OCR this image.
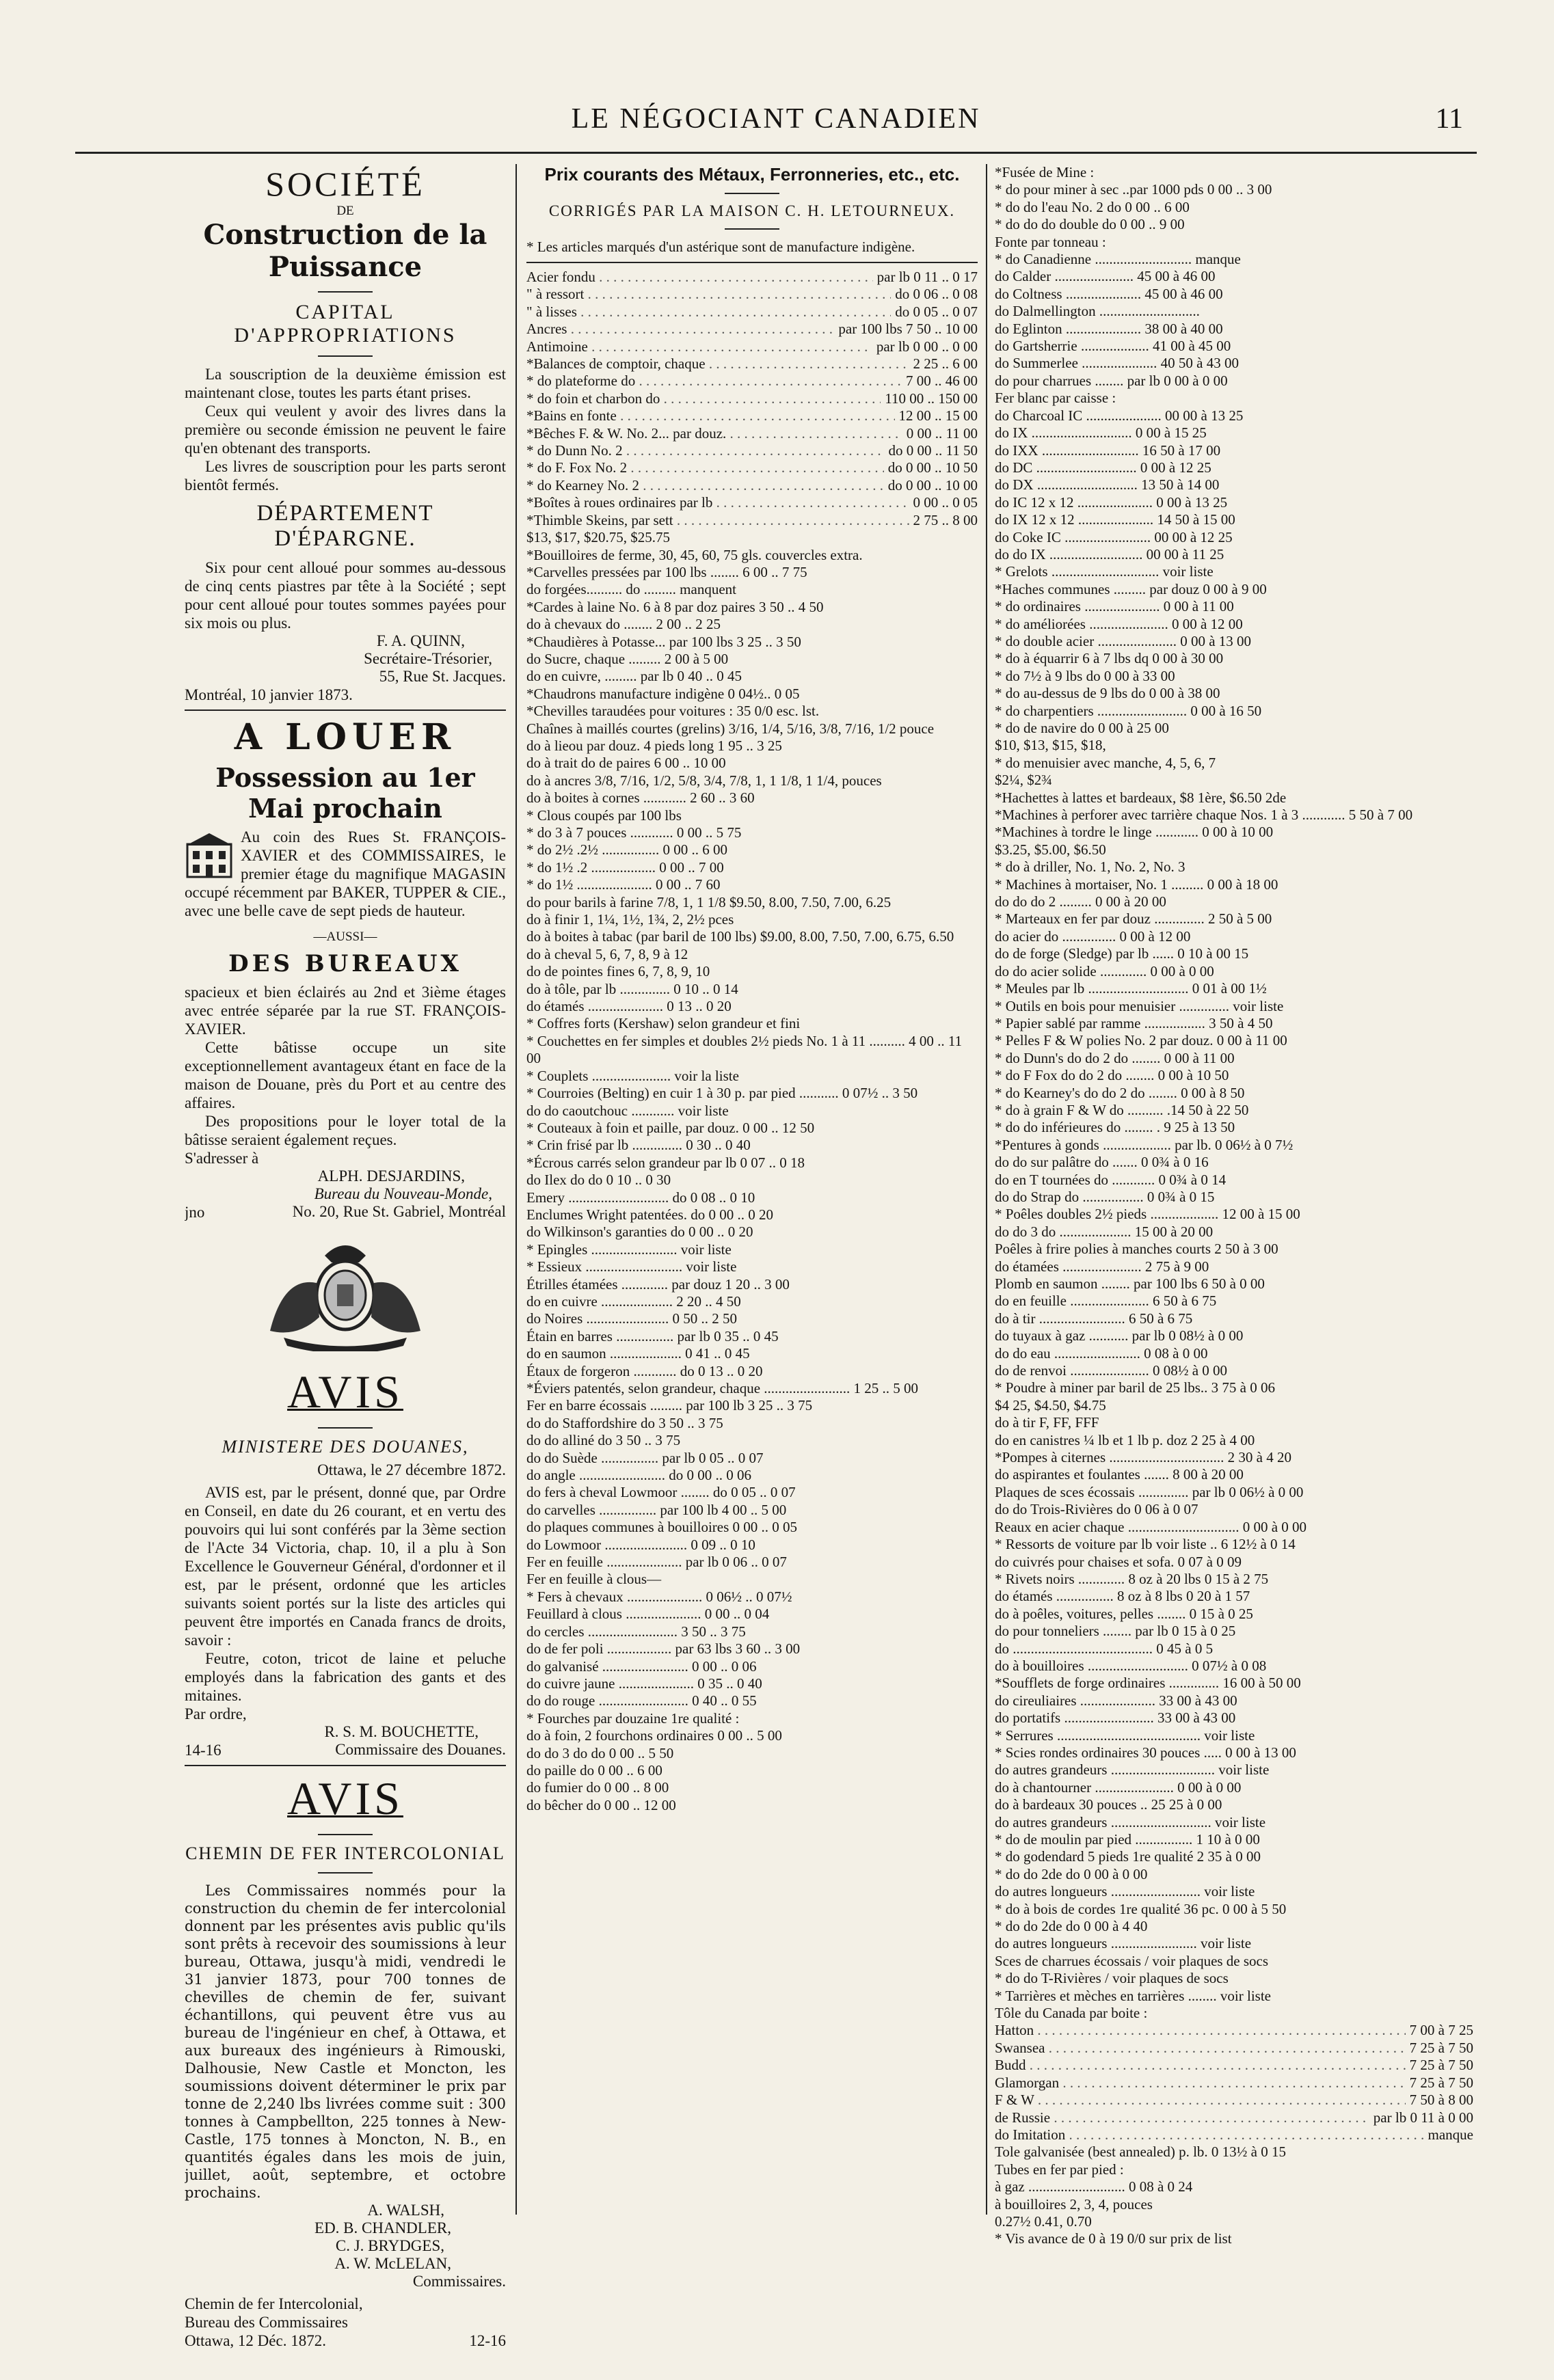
LE NÉGOCIANT CANADIEN	11
SOCIÉTÉ
DE
Construction de la Puissance
CAPITAL D'APPROPRIATIONS

La souscription de la deuxième émission est maintenant close, toutes les parts étant prises.

Ceux qui veulent y avoir des livres dans la première ou seconde émission ne peuvent le faire qu'en obtenant des transports.

Les livres de souscription pour les parts seront bientôt fermés.

DÉPARTEMENT D'ÉPARGNE.

Six pour cent alloué pour sommes au-dessous de cinq cents piastres par tête à la Société ; sept pour cent alloué pour toutes sommes payées pour six mois ou plus.

F. A. QUINN,
Secrétaire-Trésorier,
55, Rue St. Jacques.
Montréal, 10 janvier 1873.
A LOUER
Possession au 1er Mai prochain

Au coin des Rues St. FRANÇOIS-XAVIER et des COMMISSAIRES, le premier étage du magnifique MAGASIN occupé récemment par BAKER, TUPPER & CIE., avec une belle cave de sept pieds de hauteur.

—AUSSI—
DES BUREAUX

spacieux et bien éclairés au 2nd et 3ième étages avec entrée séparée par la rue ST. FRANÇOIS-XAVIER.

Cette bâtisse occupe un site exceptionnellement avantageux étant en face de la maison de Douane, près du Port et au centre des affaires.

Des propositions pour le loyer total de la bâtisse seraient également reçues.

S'adresser à
ALPH. DESJARDINS,
Bureau du Nouveau-Monde,
jno	No. 20, Rue St. Gabriel, Montréal
AVIS
MINISTERE DES DOUANES,
Ottawa, le 27 décembre 1872.

AVIS est, par le présent, donné que, par Ordre en Conseil, en date du 26 courant, et en vertu des pouvoirs qui lui sont conférés par la 3ème section de l'Acte 34 Victoria, chap. 10, il a plu à Son Excellence le Gouverneur Général, d'ordonner et il est, par le présent, ordonné que les articles suivants soient portés sur la liste des articles qui peuvent être importés en Canada francs de droits, savoir :

Feutre, coton, tricot de laine et peluche employés dans la fabrication des gants et des mitaines.

Par ordre,
R. S. M. BOUCHETTE,
14-16	Commissaire des Douanes.
AVIS
CHEMIN DE FER INTERCOLONIAL

Les Commissaires nommés pour la construction du chemin de fer intercolonial donnent par les présentes avis public qu'ils sont prêts à recevoir des soumissions à leur bureau, Ottawa, jusqu'à midi, vendredi le 31 janvier 1873, pour 700 tonnes de chevilles de chemin de fer, suivant échantillons, qui peuvent être vus au bureau de l'ingénieur en chef, à Ottawa, et aux bureaux des ingénieurs à Rimouski, Dalhousie, New Castle et Moncton, les soumissions doivent déterminer le prix par tonne de 2,240 lbs livrées comme suit : 300 tonnes à Campbellton, 225 tonnes à New-Castle, 175 tonnes à Moncton, N. B., en quantités égales dans les mois de juin, juillet, août, septembre, et octobre prochains.

A. WALSH,
ED. B. CHANDLER,
C. J. BRYDGES,
A. W. McLELAN,
Commissaires.
Chemin de fer Intercolonial,
Bureau des Commissaires
Ottawa, 12 Déc. 1872.	12-16
Prix courants des Métaux, Ferronneries, etc., etc.
CORRIGÉS PAR LA MAISON C. H. LETOURNEUX.
* Les articles marqués d'un astérique sont de manufacture indigène.
Acier fondu . . .	par lb 0 11 .. 0 17
" à ressort . . .	do 0 06 .. 0 08
" à lisses . . .	do 0 05 .. 0 07
Ancres . . .	par 100 lbs 7 50 .. 10 00
Antimoine . . .	par lb 0 00 .. 0 00
*Balances de comptoir, chaque . . .	2 25 .. 6 00
* do plateforme do . . .	7 00 .. 46 00
* do foin et charbon do . . .	110 00 .. 150 00
*Bains en fonte . . .	12 00 .. 15 00
*Bêches F. & W. No. 2... par douz. . . .	0 00 .. 11 00
* do Dunn No. 2 . . .	do 0 00 .. 11 50
* do F. Fox No. 2 . . .	do 0 00 .. 10 50
* do Kearney No. 2 . . .	do 0 00 .. 10 00
*Boîtes à roues ordinaires par lb . . .	0 00 .. 0 05
*Thimble Skeins, par sett . . .	2 75 .. 8 00
$13, $17, $20.75, $25.75
*Bouilloires de ferme, 30, 45, 60, 75 gls. couvercles extra.
*Carvelles pressées par 100 lbs ........ 6 00 .. 7 75
do forgées.......... do ......... manquent
*Cardes à laine No. 6 à 8 par doz paires 3 50 .. 4 50
do à chevaux do ........ 2 00 .. 2 25
*Chaudières à Potasse... par 100 lbs 3 25 .. 3 50
do Sucre, chaque ......... 2 00 à 5 00
do en cuivre, ......... par lb 0 40 .. 0 45
*Chaudrons manufacture indigène 0 04½.. 0 05
*Chevilles taraudées pour voitures : 35 0/0 esc. lst.
Chaînes à maillés courtes (grelins) 3/16, 1/4, 5/16, 3/8, 7/16, 1/2 pouce
do à lieou par douz. 4 pieds long 1 95 .. 3 25
do à trait do de paires 6 00 .. 10 00
do à ancres 3/8, 7/16, 1/2, 5/8, 3/4, 7/8, 1, 1 1/8, 1 1/4, pouces
do à boites à cornes ............ 2 60 .. 3 60
* Clous coupés par 100 lbs
* do 3 à 7 pouces ............ 0 00 .. 5 75
* do 2½ .2½ ................ 0 00 .. 6 00
* do 1½ .2 .................. 0 00 .. 7 00
* do 1½ ..................... 0 00 .. 7 60
do pour barils à farine 7/8, 1, 1 1/8 $9.50, 8.00, 7.50, 7.00, 6.25
do à finir 1, 1¼, 1½, 1¾, 2, 2½ pces
do à boites à tabac (par baril de 100 lbs) $9.00, 8.00, 7.50, 7.00, 6.75, 6.50
do à cheval 5, 6, 7, 8, 9 à 12
do de pointes fines 6, 7, 8, 9, 10
do à tôle, par lb .............. 0 10 .. 0 14
do étamés ..................... 0 13 .. 0 20
* Coffres forts (Kershaw) selon grandeur et fini
* Couchettes en fer simples et doubles 2½ pieds No. 1 à 11 .......... 4 00 .. 11 00
* Couplets ...................... voir la liste
* Courroies (Belting) en cuir 1 à 30 p. par pied ........... 0 07½ .. 3 50
do do caoutchouc ............ voir liste
* Couteaux à foin et paille, par douz. 0 00 .. 12 50
* Crin frisé par lb .............. 0 30 .. 0 40
*Écrous carrés selon grandeur par lb 0 07 .. 0 18
do Ilex do do 0 10 .. 0 30
Emery ............................ do 0 08 .. 0 10
Enclumes Wright patentées. do 0 00 .. 0 20
do Wilkinson's garanties do 0 00 .. 0 20
* Epingles ........................ voir liste
* Essieux ........................... voir liste
Étrilles étamées ............. par douz 1 20 .. 3 00
do en cuivre .................... 2 20 .. 4 50
do Noires ....................... 0 50 .. 2 50
Étain en barres ................ par lb 0 35 .. 0 45
do en saumon .................... 0 41 .. 0 45
Étaux de forgeron ............ do 0 13 .. 0 20
*Éviers patentés, selon grandeur, chaque ........................ 1 25 .. 5 00
Fer en barre écossais ......... par 100 lb 3 25 .. 3 75
do do Staffordshire do 3 50 .. 3 75
do do alliné do 3 50 .. 3 75
do do Suède ................ par lb 0 05 .. 0 07
do angle ........................ do 0 00 .. 0 06
do fers à cheval Lowmoor ........ do 0 05 .. 0 07
do carvelles ................ par 100 lb 4 00 .. 5 00
do plaques communes à bouilloires 0 00 .. 0 05
do Lowmoor ....................... 0 09 .. 0 10
Fer en feuille ..................... par lb 0 06 .. 0 07
Fer en feuille à clous—
* Fers à chevaux ..................... 0 06½ .. 0 07½
Feuillard à clous ..................... 0 00 .. 0 04
do cercles ......................... 3 50 .. 3 75
do de fer poli .................. par 63 lbs 3 60 .. 3 00
do galvanisé ........................ 0 00 .. 0 06
do cuivre jaune ..................... 0 35 .. 0 40
do do rouge ......................... 0 40 .. 0 55
* Fourches par douzaine 1re qualité :
do à foin, 2 fourchons ordinaires 0 00 .. 5 00
do do 3 do do 0 00 .. 5 50
do paille do 0 00 .. 6 00
do fumier do 0 00 .. 8 00
do bêcher do 0 00 .. 12 00
*Fusée de Mine :
* do pour miner à sec ..par 1000 pds 0 00 .. 3 00
* do do l'eau No. 2 do 0 00 .. 6 00
* do do do double do 0 00 .. 9 00
Fonte par tonneau :
* do Canadienne ........................... manque
do Calder ...................... 45 00 à 46 00
do Coltness ..................... 45 00 à 46 00
do Dalmellington ............................
do Eglinton ..................... 38 00 à 40 00
do Gartsherrie ................... 41 00 à 45 00
do Summerlee ..................... 40 50 à 43 00
do pour charrues ........ par lb 0 00 à 0 00
Fer blanc par caisse :
do Charcoal IC ..................... 00 00 à 13 25
do IX ............................ 0 00 à 15 25
do IXX ........................... 16 50 à 17 00
do DC ............................ 0 00 à 12 25
do DX ............................ 13 50 à 14 00
do IC 12 x 12 ..................... 0 00 à 13 25
do IX 12 x 12 ..................... 14 50 à 15 00
do Coke IC ........................ 00 00 à 12 25
do do IX .......................... 00 00 à 11 25
* Grelots .............................. voir liste
*Haches communes ......... par douz 0 00 à 9 00
* do ordinaires ..................... 0 00 à 11 00
* do améliorées ...................... 0 00 à 12 00
* do double acier ...................... 0 00 à 13 00
* do à équarrir 6 à 7 lbs dq 0 00 à 30 00
* do 7½ à 9 lbs do 0 00 à 33 00
* do au-dessus de 9 lbs do 0 00 à 38 00
* do charpentiers ......................... 0 00 à 16 50
* do de navire do 0 00 à 25 00
$10, $13, $15, $18,
* do menuisier avec manche, 4, 5, 6, 7
$2¼, $2¾
*Hachettes à lattes et bardeaux, $8 1ère, $6.50 2de
*Machines à perforer avec tarrière chaque Nos. 1 à 3 ............ 5 50 à 7 00
*Machines à tordre le linge ............ 0 00 à 10 00
$3.25, $5.00, $6.50
* do à driller, No. 1, No. 2, No. 3
* Machines à mortaiser, No. 1 ......... 0 00 à 18 00
do do do 2 ......... 0 00 à 20 00
* Marteaux en fer par douz .............. 2 50 à 5 00
do acier do ............... 0 00 à 12 00
do de forge (Sledge) par lb ...... 0 10 à 00 15
do do acier solide ............. 0 00 à 0 00
* Meules par lb ............................ 0 01 à 00 1½
* Outils en bois pour menuisier .............. voir liste
* Papier sablé par ramme ................. 3 50 à 4 50
* Pelles F & W polies No. 2 par douz. 0 00 à 11 00
* do Dunn's do do 2 do ........ 0 00 à 11 00
* do F Fox do do 2 do ........ 0 00 à 10 50
* do Kearney's do do 2 do ........ 0 00 à 8 50
* do à grain F & W do .......... .14 50 à 22 50
* do do inférieures do ........ . 9 25 à 13 50
*Pentures à gonds ................... par lb. 0 06½ à 0 7½
do do sur palâtre do ....... 0 0¾ à 0 16
do en T tournées do ............ 0 0¾ à 0 14
do do Strap do ................. 0 0¾ à 0 15
* Poêles doubles 2½ pieds ................... 12 00 à 15 00
do do 3 do .................... 15 00 à 20 00
Poêles à frire polies à manches courts 2 50 à 3 00
do étamées ...................... 2 75 à 9 00
Plomb en saumon ........ par 100 lbs 6 50 à 0 00
do en feuille ...................... 6 50 à 6 75
do à tir ........................ 6 50 à 6 75
do tuyaux à gaz ........... par lb 0 08½ à 0 00
do do eau ........................ 0 08 à 0 00
do de renvoi ...................... 0 08½ à 0 00
* Poudre à miner par baril de 25 lbs.. 3 75 à 0 06
$4 25, $4.50, $4.75
do à tir F, FF, FFF
do en canistres ¼ lb et 1 lb p. doz 2 25 à 4 00
*Pompes à citernes ................................ 2 30 à 4 20
do aspirantes et foulantes ....... 8 00 à 20 00
Plaques de sces écossais .............. par lb 0 06½ à 0 00
do do Trois-Rivières do 0 06 à 0 07
Reaux en acier chaque ............................... 0 00 à 0 00
* Ressorts de voiture par lb voir liste .. 6 12½ à 0 14
do cuivrés pour chaises et sofa. 0 07 à 0 09
* Rivets noirs ............. 8 oz à 20 lbs 0 15 à 2 75
do étamés ................ 8 oz à 8 lbs 0 20 à 1 57
do à poêles, voitures, pelles ........ 0 15 à 0 25
do pour tonneliers ........ par lb 0 15 à 0 25
do ....................................... 0 45 à 0 5
do à bouilloires ............................ 0 07½ à 0 08
*Soufflets de forge ordinaires .............. 16 00 à 50 00
do cireuliaires ..................... 33 00 à 43 00
do portatifs ......................... 33 00 à 43 00
* Serrures ........................................ voir liste
* Scies rondes ordinaires 30 pouces ..... 0 00 à 13 00
do autres grandeurs ............................. voir liste
do à chantourner ...................... 0 00 à 0 00
do à bardeaux 30 pouces .. 25 25 à 0 00
do autres grandeurs ............................ voir liste
* do de moulin par pied ................ 1 10 à 0 00
* do godendard 5 pieds 1re qualité 2 35 à 0 00
* do do 2de do 0 00 à 0 00
do autres longueurs ......................... voir liste
* do à bois de cordes 1re qualité 36 pc. 0 00 à 5 50
* do do 2de do 0 00 à 4 40
do autres longueurs ........................ voir liste
Sces de charrues écossais / voir plaques de socs
* do do T-Rivières / voir plaques de socs
* Tarrières et mèches en tarrières ........ voir liste
Tôle du Canada par boite :
Hatton . . .	7 00 à 7 25
Swansea . . .	7 25 à 7 50
Budd . . .	7 25 à 7 50
Glamorgan . . .	7 25 à 7 50
F & W . . .	7 50 à 8 00
de Russie . . .	par lb 0 11 à 0 00
do Imitation . . .	manque
Tole galvanisée (best annealed) p. lb. 0 13½ à 0 15
Tubes en fer par pied :
à gaz ........................... 0 08 à 0 24
à bouilloires 2, 3, 4, pouces
0.27½ 0.41, 0.70
* Vis avance de 0 à 19 0/0 sur prix de list
